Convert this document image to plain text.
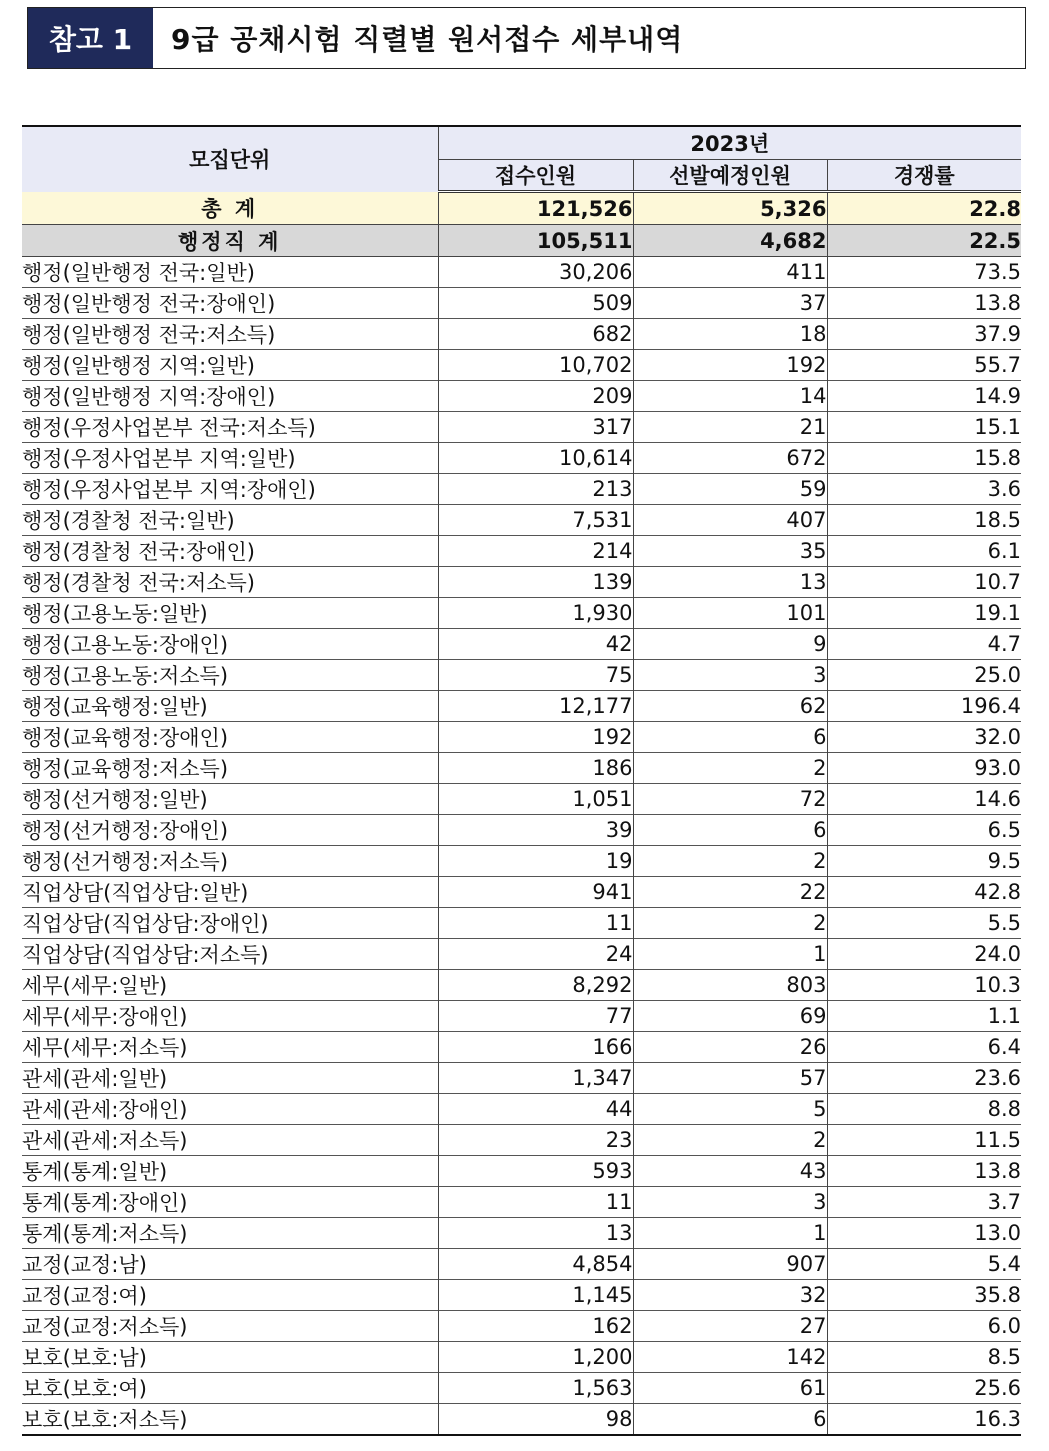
참고 1	9급 공채시험 직렬별 원서접수 세부내역
모집단위	2023년		
	접수인원	선발예정인원	경쟁률
총 계	121,526	5,326	22.8
행정직 계	105,511	4,682	22.5
행정(일반행정 전국:일반)	30,206	411	73.5
행정(일반행정 전국:장애인)	509	37	13.8
행정(일반행정 전국:저소득)	682	18	37.9
행정(일반행정 지역:일반)	10,702	192	55.7
행정(일반행정 지역:장애인)	209	14	14.9
행정(우정사업본부 전국:저소득)	317	21	15.1
행정(우정사업본부 지역:일반)	10,614	672	15.8
행정(우정사업본부 지역:장애인)	213	59	3.6
행정(경찰청 전국:일반)	7,531	407	18.5
행정(경찰청 전국:장애인)	214	35	6.1
행정(경찰청 전국:저소득)	139	13	10.7
행정(고용노동:일반)	1,930	101	19.1
행정(고용노동:장애인)	42	9	4.7
행정(고용노동:저소득)	75	3	25.0
행정(교육행정:일반)	12,177	62	196.4
행정(교육행정:장애인)	192	6	32.0
행정(교육행정:저소득)	186	2	93.0
행정(선거행정:일반)	1,051	72	14.6
행정(선거행정:장애인)	39	6	6.5
행정(선거행정:저소득)	19	2	9.5
직업상담(직업상담:일반)	941	22	42.8
직업상담(직업상담:장애인)	11	2	5.5
직업상담(직업상담:저소득)	24	1	24.0
세무(세무:일반)	8,292	803	10.3
세무(세무:장애인)	77	69	1.1
세무(세무:저소득)	166	26	6.4
관세(관세:일반)	1,347	57	23.6
관세(관세:장애인)	44	5	8.8
관세(관세:저소득)	23	2	11.5
통계(통계:일반)	593	43	13.8
통계(통계:장애인)	11	3	3.7
통계(통계:저소득)	13	1	13.0
교정(교정:남)	4,854	907	5.4
교정(교정:여)	1,145	32	35.8
교정(교정:저소득)	162	27	6.0
보호(보호:남)	1,200	142	8.5
보호(보호:여)	1,563	61	25.6
보호(보호:저소득)	98	6	16.3
